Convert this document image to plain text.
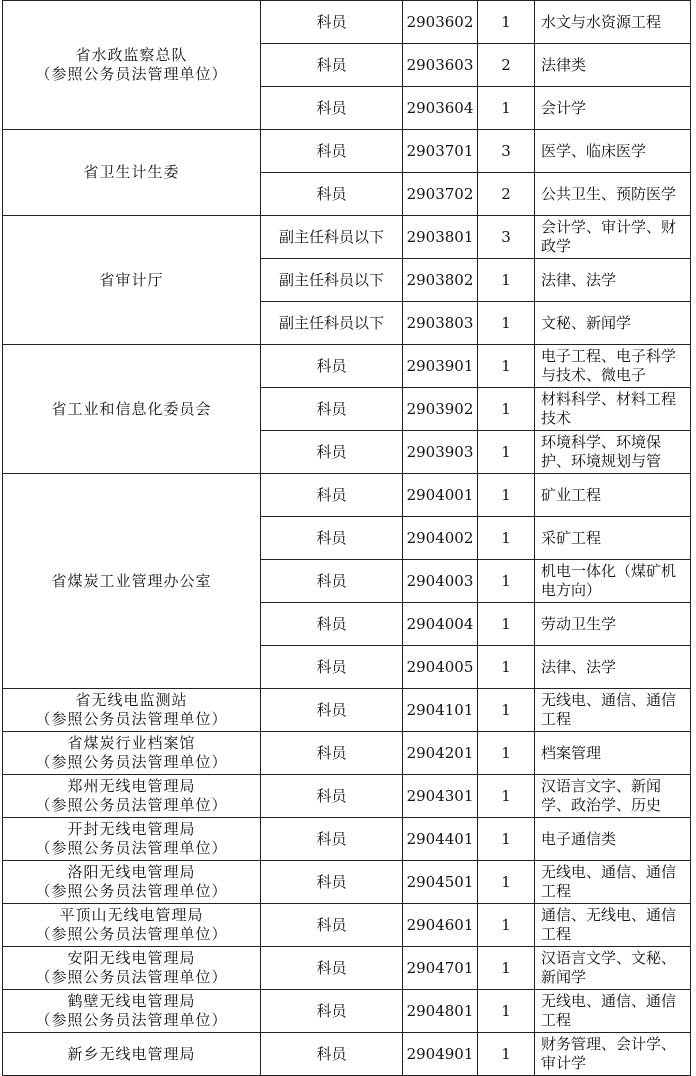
省水政监察总队
（参照公务员法管理单位）	科员	2903602	1	水文与水资源工程
	科员	2903603	2	法律类
	科员	2903604	1	会计学

省卫生计生委	科员	2903701	3	医学、临床医学
	科员	2903702	2	公共卫生、预防医学

省审计厅	副主任科员以下	2903801	3	会计学、审计学、财政学
	副主任科员以下	2903802	1	法律、法学
	副主任科员以下	2903803	1	文秘、新闻学

省工业和信息化委员会	科员	2903901	1	电子工程、电子科学与技术、微电子
	科员	2903902	1	材料科学、材料工程技术
	科员	2903903	1	环境科学、环境保护、环境规划与管

省煤炭工业管理办公室	科员	2904001	1	矿业工程
	科员	2904002	1	采矿工程
	科员	2904003	1	机电一体化（煤矿机电方向）
	科员	2904004	1	劳动卫生学
	科员	2904005	1	法律、法学

省无线电监测站
（参照公务员法管理单位）	科员	2904101	1	无线电、通信、通信工程

省煤炭行业档案馆
（参照公务员法管理单位）	科员	2904201	1	档案管理

郑州无线电管理局
（参照公务员法管理单位）	科员	2904301	1	汉语言文字、新闻学、政治学、历史

开封无线电管理局
（参照公务员法管理单位）	科员	2904401	1	电子通信类

洛阳无线电管理局
（参照公务员法管理单位）	科员	2904501	1	无线电、通信、通信工程

平顶山无线电管理局
（参照公务员法管理单位）	科员	2904601	1	通信、无线电、通信工程

安阳无线电管理局
（参照公务员法管理单位）	科员	2904701	1	汉语言文学、文秘、新闻学

鹤壁无线电管理局
（参照公务员法管理单位）	科员	2904801	1	无线电、通信、通信工程

新乡无线电管理局	科员	2904901	1	财务管理、会计学、审计学
